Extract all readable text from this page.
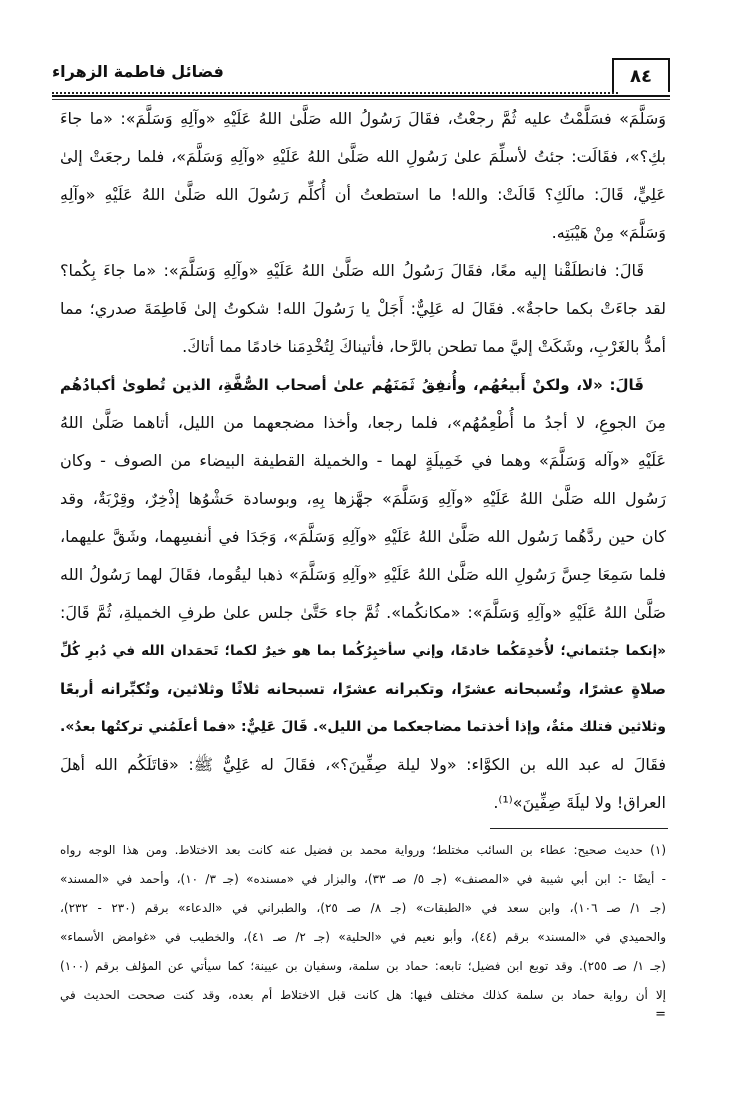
٨٤
فضائل فاطمة الزهراء
وَسَلَّمَ» فسَلَّمْتُ عليه ثُمَّ رجعْتُ، فقَالَ رَسُولُ الله صَلَّىٰ اللهُ عَلَيْهِ «وآلِهِ وَسَلَّمَ»: «ما جاءَ
بكِ؟»، فقَالَت: جئتُ لأسلِّمَ علىٰ رَسُولِ الله صَلَّىٰ اللهُ عَلَيْهِ «وآلِهِ وَسَلَّمَ»، فلما رجعَتْ إلىٰ
عَلِيٍّ، قَالَ: مالَكِ؟ قَالَتْ: والله! ما استطعتُ أن أُكلِّم رَسُولَ الله صَلَّىٰ اللهُ عَلَيْهِ «وآلِهِ
وَسَلَّمَ» مِنْ هَيْبَتِه.
قَالَ: فانطلَقْنا إليه معًا، فقَالَ رَسُولُ الله صَلَّىٰ اللهُ عَلَيْهِ «وآلِهِ وَسَلَّمَ»: «ما جاءَ بِكُما؟
لقد جاءَتْ بكما حاجةٌ». فقَالَ له عَلِيٌّ: أَجَلْ يا رَسُولَ الله! شكوتُ إلىٰ فَاطِمَةَ صدري؛ مما
أمدُّ بالغَرْبِ، وشَكَتْ إليَّ مما تطحن بالرَّحا، فأتيناكَ لِتُخْدِمَنا خادمًا مما أتاكَ.
قَالَ: «لا، ولكنْ أَبيعُهُم، وأُنفِقُ ثَمَنَهُم علىٰ أصحاب الصُّفَّةِ، الذين تُطوىٰ أكبادُهُم
مِنَ الجوعِ، لا أجدُ ما أُطْعِمُهُم»، فلما رجعا، وأخذا مضجعهما من الليل، أتاهما صَلَّىٰ اللهُ
عَلَيْهِ «وآله وَسَلَّمَ» وهما في خَمِيلَةٍ لهما - والخميلة القطيفة البيضاء من الصوف - وكان
رَسُول الله صَلَّىٰ اللهُ عَلَيْهِ «وآلِهِ وَسَلَّمَ» جهَّزها بِهِ، وبوسادة حَشْوُها إذْخِرٌ، وقِرْبَةٌ، وقد
كان حين ردَّهُما رَسُول الله صَلَّىٰ اللهُ عَلَيْهِ «وآلِهِ وَسَلَّمَ»، وَجَدَا في أنفسِهما، وشَقَّ عليهما،
فلما سَمِعَا حِسَّ رَسُولِ الله صَلَّىٰ اللهُ عَلَيْهِ «وآلِهِ وَسَلَّمَ» ذهبا ليقُوما، فقَالَ لهما رَسُولُ الله
صَلَّىٰ اللهُ عَلَيْهِ «وآلِهِ وَسَلَّمَ»: «مكانكُما». ثُمَّ جاء حَتَّىٰ جلس علىٰ طرفِ الخميلةِ، ثُمَّ قَالَ:
«إنكما جئتماني؛ لأُخدِمَكُما خادمًا، وإني سأخبِرُكُما بما هو خيرٌ لكما؛ تَحمَدان الله في دُبرِ كُلِّ
صلاةٍ عشرًا، وتُسبحانه عشرًا، وتكبرانه عشرًا، تسبحانه ثلاثًا وثلاثين، وتُكبِّرانه أربعًا
وثلاثين فتلك مئةٌ، وإذا أخذتما مضاجعكما من الليل». قَالَ عَلِيٌّ: «فما أعلَمُني تركتُها بعدُ».
فقَالَ له عبد الله بن الكوَّاء: «ولا ليلة صِفِّينَ؟»، فقَالَ له عَلِيٌّ ﷺ: «قاتَلَكُم الله أهلَ
العراق! ولا ليلَةَ صِفِّينَ»⁽¹⁾.
(١) حديث صحيح: عطاء بن السائب مختلط؛ ورواية محمد بن فضيل عنه كانت بعد الاختلاط. ومن هذا الوجه رواه
- أيضًا -: ابن أبي شيبة في «المصنف» (جـ ٥/ صـ ٣٣)، والبزار في «مسنده» (جـ ٣/ ١٠)، وأحمد في «المسند»
(جـ ١/ صـ ١٠٦)، وابن سعد في «الطبقات» (جـ ٨/ صـ ٢٥)، والطبراني في «الدعاء» برقم (٢٣٠ - ٢٣٢)،
والحميدي في «المسند» برقم (٤٤)، وأبو نعيم في «الحلية» (جـ ٢/ صـ ٤١)، والخطيب في «غوامض الأسماء»
(جـ ١/ صـ ٢٥٥). وقد توبع ابن فضيل؛ تابعه: حماد بن سلمة، وسفيان بن عيينة؛ كما سيأتي عن المؤلف برقم (١٠٠)
إلا أن رواية حماد بن سلمة كذلك مختلف فيها: هل كانت قبل الاختلاط أم بعده، وقد كنت صححت الحديث في
=
